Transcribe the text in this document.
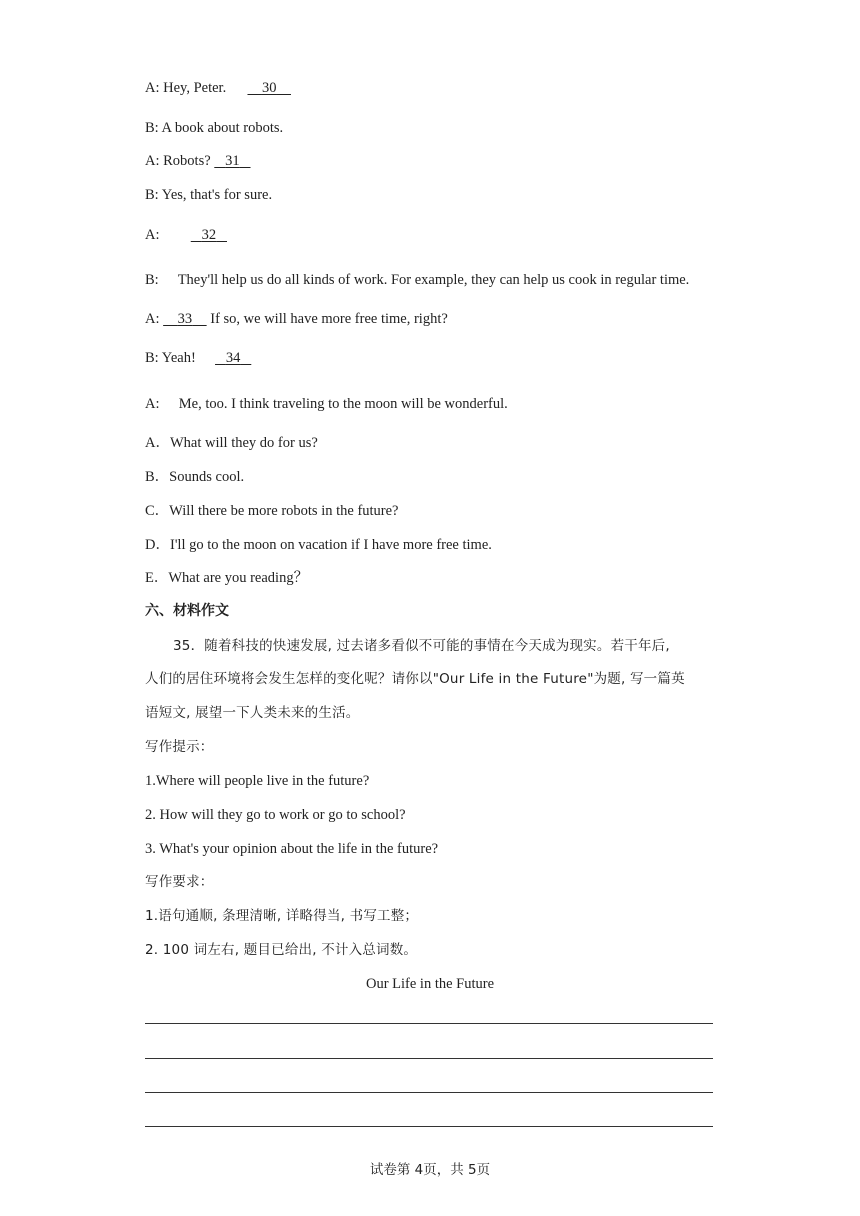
A: Hey, Peter. 30
B: A book about robots.
A: Robots? 31
B: Yes, that's for sure.
A:	32
B: They'll help us do all kinds of work. For example, they can help us cook in regular time.
A: 33 If so, we will have more free time, right?
B: Yeah! 34
A: Me, too. I think traveling to the moon will be wonderful.
A．What will they do for us?
B．Sounds cool.
C．Will there be more robots in the future?
D．I'll go to the moon on vacation if I have more free time.
E．What are you reading？
六、材料作文
35．随着科技的快速发展, 过去诸多看似不可能的事情在今天成为现实。若干年后,
人们的居住环境将会发生怎样的变化呢？请你以"Our Life in the Future"为题, 写一篇英
语短文, 展望一下人类未来的生活。
写作提示：
1.Where will people live in the future?
2. How will they go to work or go to school?
3. What's your opinion about the life in the future?
写作要求：
1.语句通顺, 条理清晰, 详略得当, 书写工整；
2. 100 词左右, 题目已给出, 不计入总词数。
Our Life in the Future
试卷第 4页，共 5页
